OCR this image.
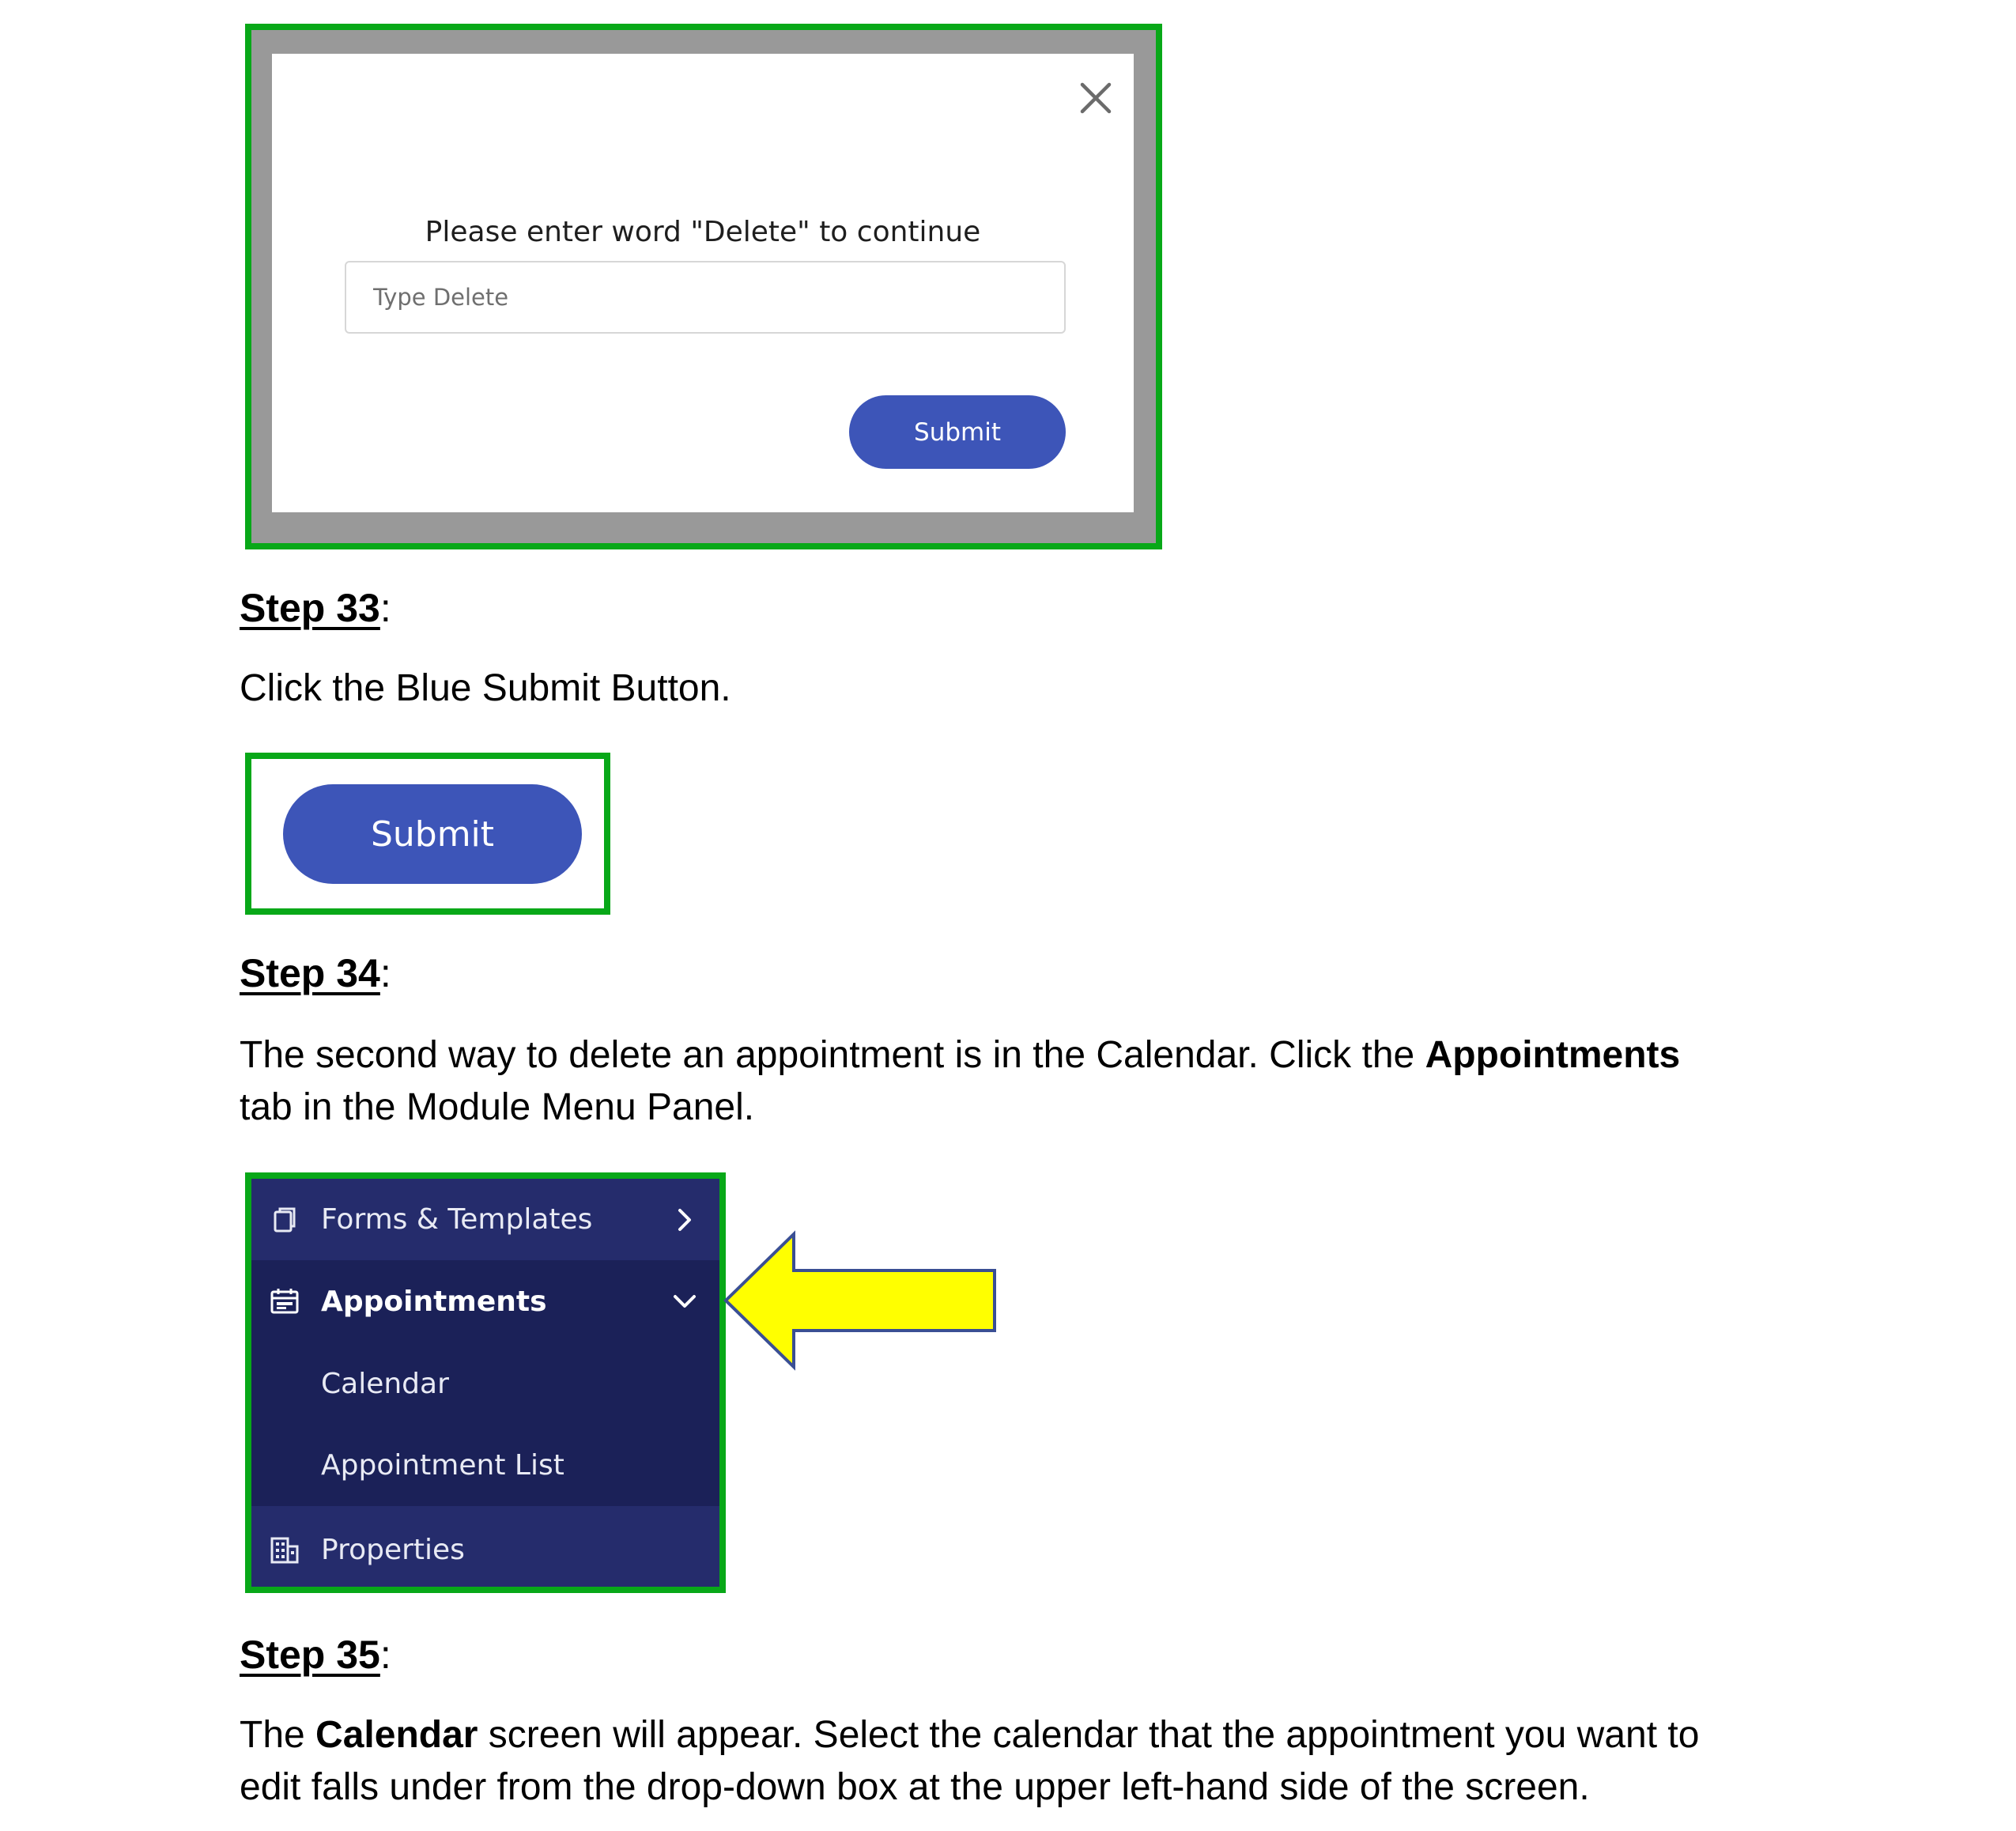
Please enter word "Delete" to continue
Type Delete
Submit
Step 33:
Click the Blue Submit Button.
Submit
Step 34:
The second way to delete an appointment is in the Calendar. Click the Appointments
tab in the Module Menu Panel.
Forms & Templates
Appointments
Calendar
Appointment List
Properties
Step 35:
The Calendar screen will appear. Select the calendar that the appointment you want to
edit falls under from the drop-down box at the upper left-hand side of the screen.
